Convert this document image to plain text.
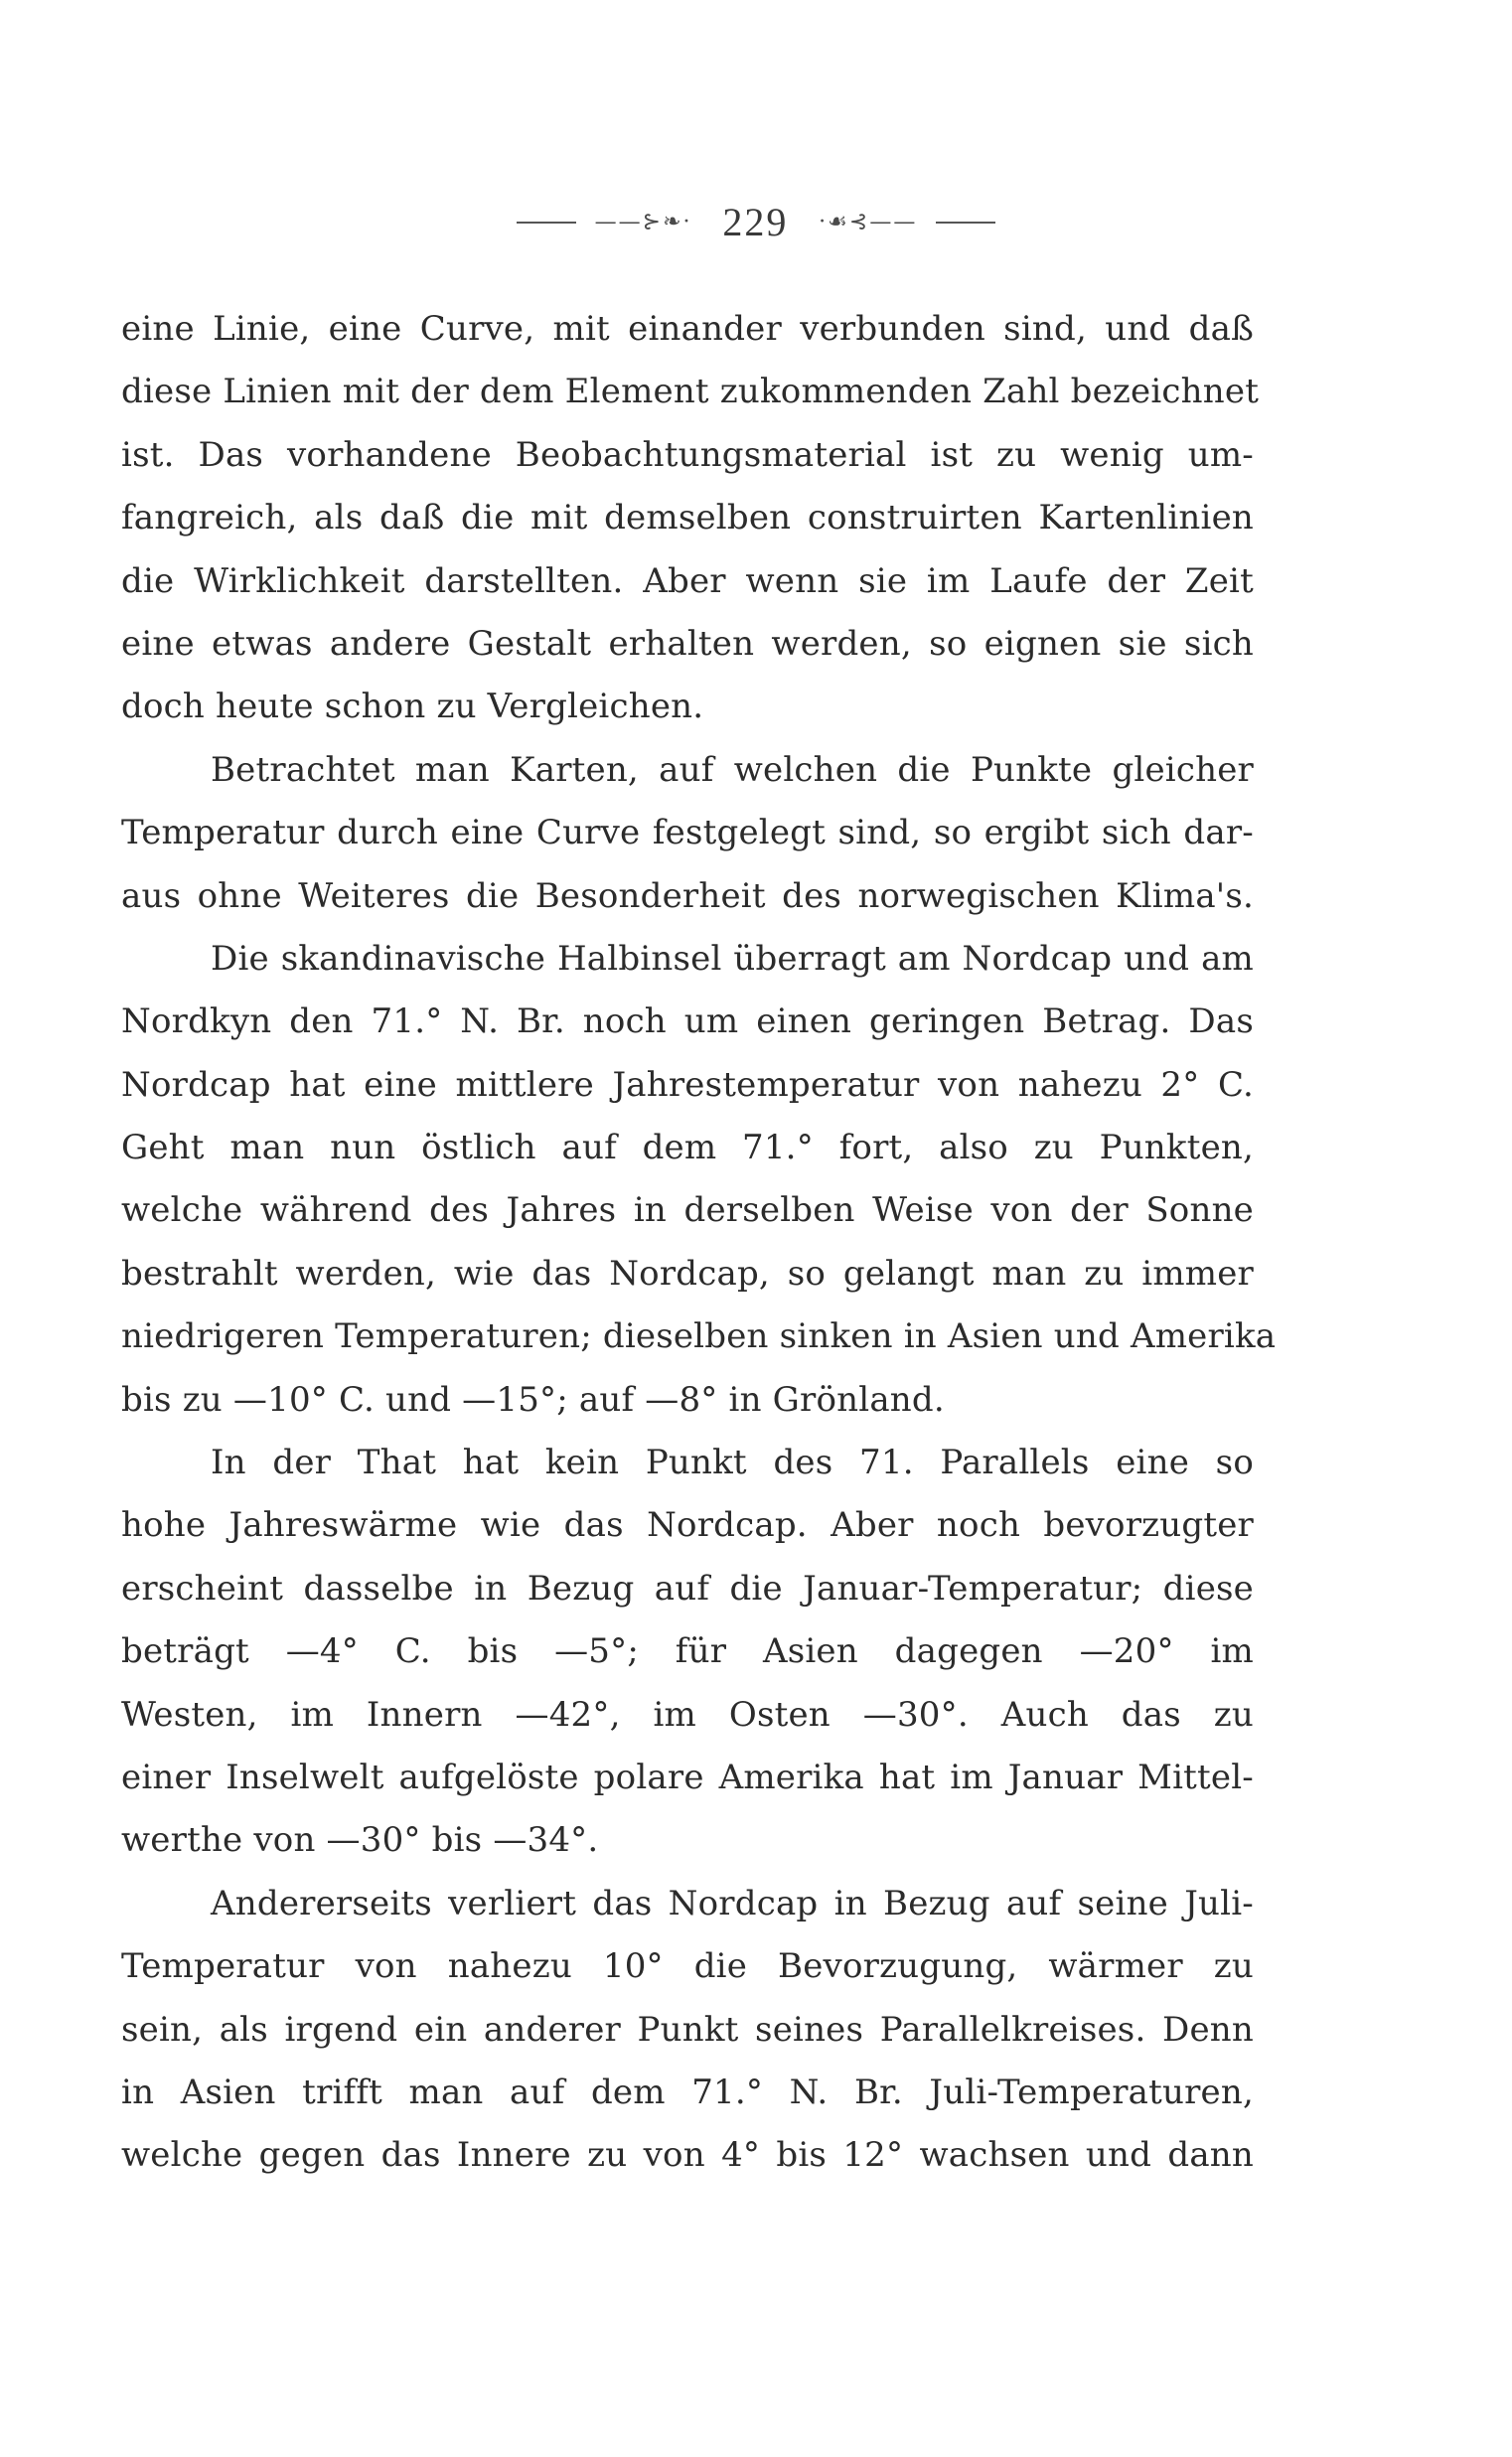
——⊱❧· 229 ·☙⊰——
eine Linie, eine Curve, mit einander verbunden sind, und daß
diese Linien mit der dem Element zukommenden Zahl bezeichnet
ist. Das vorhandene Beobachtungsmaterial ist zu wenig um-
fangreich, als daß die mit demselben construirten Kartenlinien
die Wirklichkeit darstellten. Aber wenn sie im Laufe der Zeit
eine etwas andere Gestalt erhalten werden, so eignen sie sich
doch heute schon zu Vergleichen.
Betrachtet man Karten, auf welchen die Punkte gleicher
Temperatur durch eine Curve festgelegt sind, so ergibt sich dar-
aus ohne Weiteres die Besonderheit des norwegischen Klima's.
Die skandinavische Halbinsel überragt am Nordcap und am
Nordkyn den 71.° N. Br. noch um einen geringen Betrag. Das
Nordcap hat eine mittlere Jahrestemperatur von nahezu 2° C.
Geht man nun östlich auf dem 71.° fort, also zu Punkten,
welche während des Jahres in derselben Weise von der Sonne
bestrahlt werden, wie das Nordcap, so gelangt man zu immer
niedrigeren Temperaturen; dieselben sinken in Asien und Amerika
bis zu —10° C. und —15°; auf —8° in Grönland.
In der That hat kein Punkt des 71. Parallels eine so
hohe Jahreswärme wie das Nordcap. Aber noch bevorzugter
erscheint dasselbe in Bezug auf die Januar-Temperatur; diese
beträgt —4° C. bis —5°; für Asien dagegen —20° im
Westen, im Innern —42°, im Osten —30°. Auch das zu
einer Inselwelt aufgelöste polare Amerika hat im Januar Mittel-
werthe von —30° bis —34°.
Andererseits verliert das Nordcap in Bezug auf seine Juli-
Temperatur von nahezu 10° die Bevorzugung, wärmer zu
sein, als irgend ein anderer Punkt seines Parallelkreises. Denn
in Asien trifft man auf dem 71.° N. Br. Juli-Temperaturen,
welche gegen das Innere zu von 4° bis 12° wachsen und dann
